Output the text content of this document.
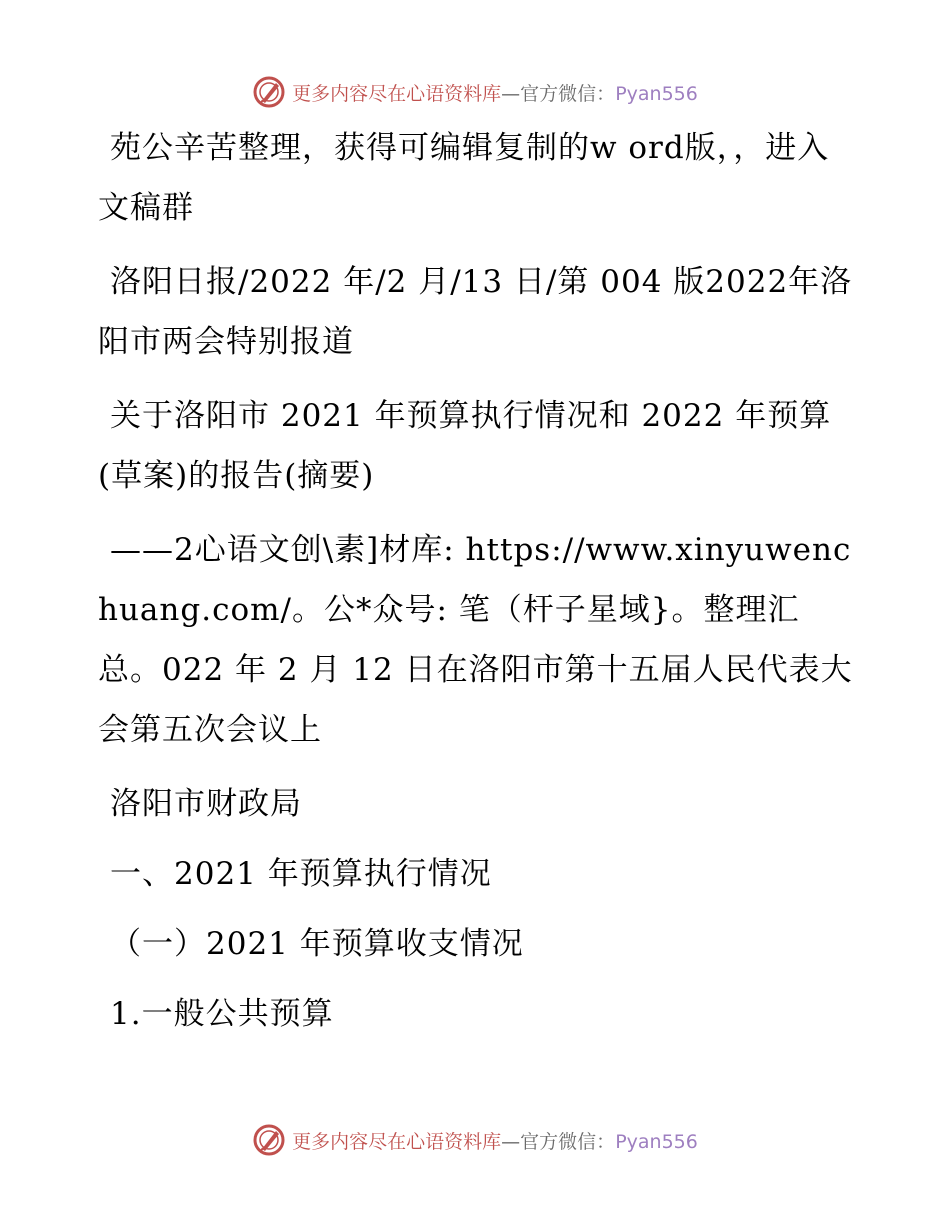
更多内容尽在心语资料库—官方微信：Pyan556

苑公辛苦整理，获得可编辑复制的w ord版，，进入文稿群

洛阳日报/2022 年/2 月/13 日/第 004 版2022年洛阳市两会特别报道

关于洛阳市 2021 年预算执行情况和 2022 年预算(草案)的报告(摘要)

——2心语文创\素]材库: https://www.xinyuwenchuang.com/。公*众号: 笔（杆子星域}。整理汇总。022 年 2 月 12 日在洛阳市第十五届人民代表大会第五次会议上

洛阳市财政局

一、2021 年预算执行情况

（一）2021 年预算收支情况

1.一般公共预算

更多内容尽在心语资料库—官方微信：Pyan556
